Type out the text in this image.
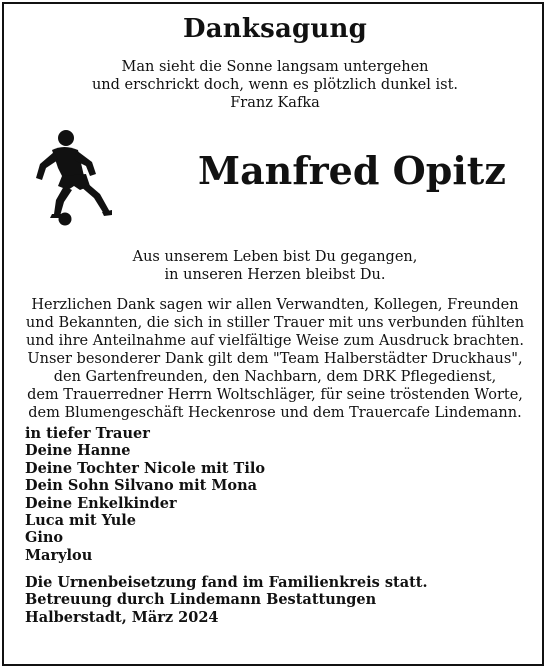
Danksagung
Man sieht die Sonne langsam untergehen
und erschrickt doch, wenn es plötzlich dunkel ist.
Franz Kafka
Manfred Opitz
Aus unserem Leben bist Du gegangen,
in unseren Herzen bleibst Du.
Herzlichen Dank sagen wir allen Verwandten, Kollegen, Freunden
und Bekannten, die sich in stiller Trauer mit uns verbunden fühlten
und ihre Anteilnahme auf vielfältige Weise zum Ausdruck brachten.
Unser besonderer Dank gilt dem "Team Halberstädter Druckhaus",
den Gartenfreunden, den Nachbarn, dem DRK Pflegedienst,
dem Trauerredner Herrn Woltschläger, für seine tröstenden Worte,
dem Blumengeschäft Heckenrose und dem Trauercafe Lindemann.
in tiefer Trauer
Deine Hanne
Deine Tochter Nicole mit Tilo
Dein Sohn Silvano mit Mona
Deine Enkelkinder
Luca mit Yule
Gino
Marylou
Die Urnenbeisetzung fand im Familienkreis statt.
Betreuung durch Lindemann Bestattungen
Halberstadt, März 2024
